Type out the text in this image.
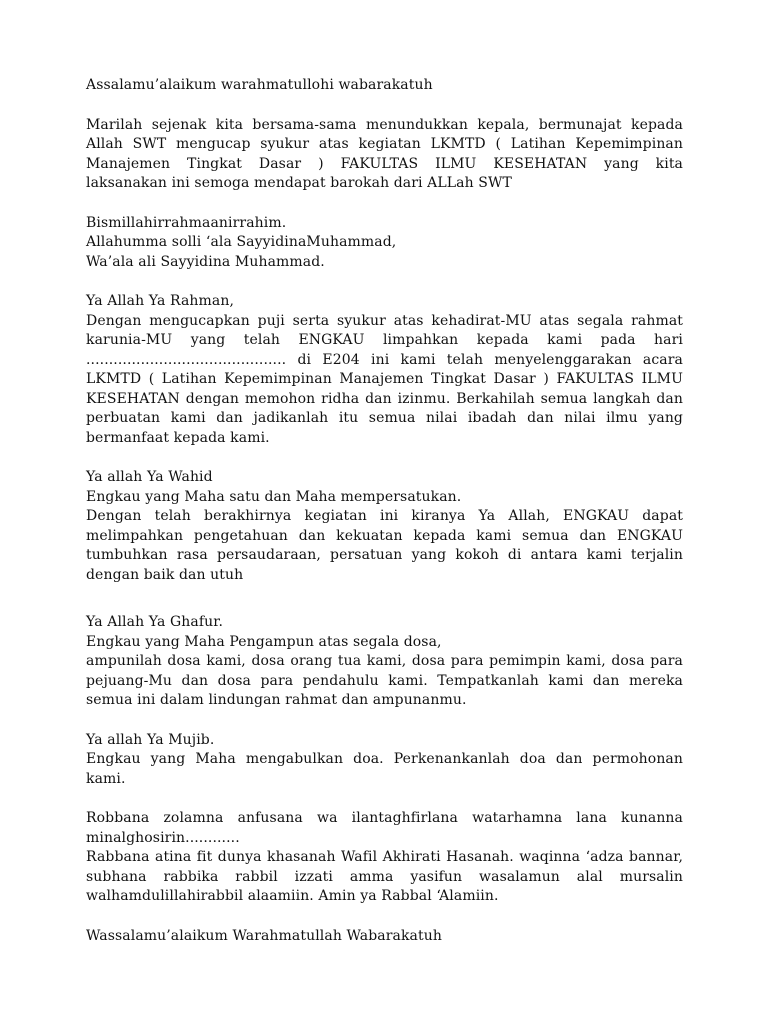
Assalamu’alaikum warahmatullohi wabarakatuh
Marilah sejenak kita bersama-sama menundukkan kepala, bermunajat kepada
Allah SWT mengucap syukur atas kegiatan LKMTD ( Latihan Kepemimpinan
Manajemen Tingkat Dasar ) FAKULTAS ILMU KESEHATAN yang kita
laksanakan ini semoga mendapat barokah dari ALLah SWT
Bismillahirrahmaanirrahim.
Allahumma solli ‘ala SayyidinaMuhammad,
Wa’ala ali Sayyidina Muhammad.
Ya Allah Ya Rahman,
Dengan mengucapkan puji serta syukur atas kehadirat-MU atas segala rahmat
karunia-MU yang telah ENGKAU limpahkan kepada kami pada hari
............................................ di E204 ini kami telah menyelenggarakan acara
LKMTD ( Latihan Kepemimpinan Manajemen Tingkat Dasar ) FAKULTAS ILMU
KESEHATAN dengan memohon ridha dan izinmu. Berkahilah semua langkah dan
perbuatan kami dan jadikanlah itu semua nilai ibadah dan nilai ilmu yang
bermanfaat kepada kami.
Ya allah Ya Wahid
Engkau yang Maha satu dan Maha mempersatukan.
Dengan telah berakhirnya kegiatan ini kiranya Ya Allah, ENGKAU dapat
melimpahkan pengetahuan dan kekuatan kepada kami semua dan ENGKAU
tumbuhkan rasa persaudaraan, persatuan yang kokoh di antara kami terjalin
dengan baik dan utuh
Ya Allah Ya Ghafur.
Engkau yang Maha Pengampun atas segala dosa,
ampunilah dosa kami, dosa orang tua kami, dosa para pemimpin kami, dosa para
pejuang-Mu dan dosa para pendahulu kami. Tempatkanlah kami dan mereka
semua ini dalam lindungan rahmat dan ampunanmu.
Ya allah Ya Mujib.
Engkau yang Maha mengabulkan doa. Perkenankanlah doa dan permohonan
kami.
Robbana zolamna anfusana wa ilantaghfirlana watarhamna lana kunanna
minalghosirin............
Rabbana atina fit dunya khasanah Wafil Akhirati Hasanah. waqinna ‘adza bannar,
subhana rabbika rabbil izzati amma yasifun wasalamun alal mursalin
walhamdulillahirabbil alaamiin. Amin ya Rabbal ‘Alamiin.
Wassalamu’alaikum Warahmatullah Wabarakatuh
